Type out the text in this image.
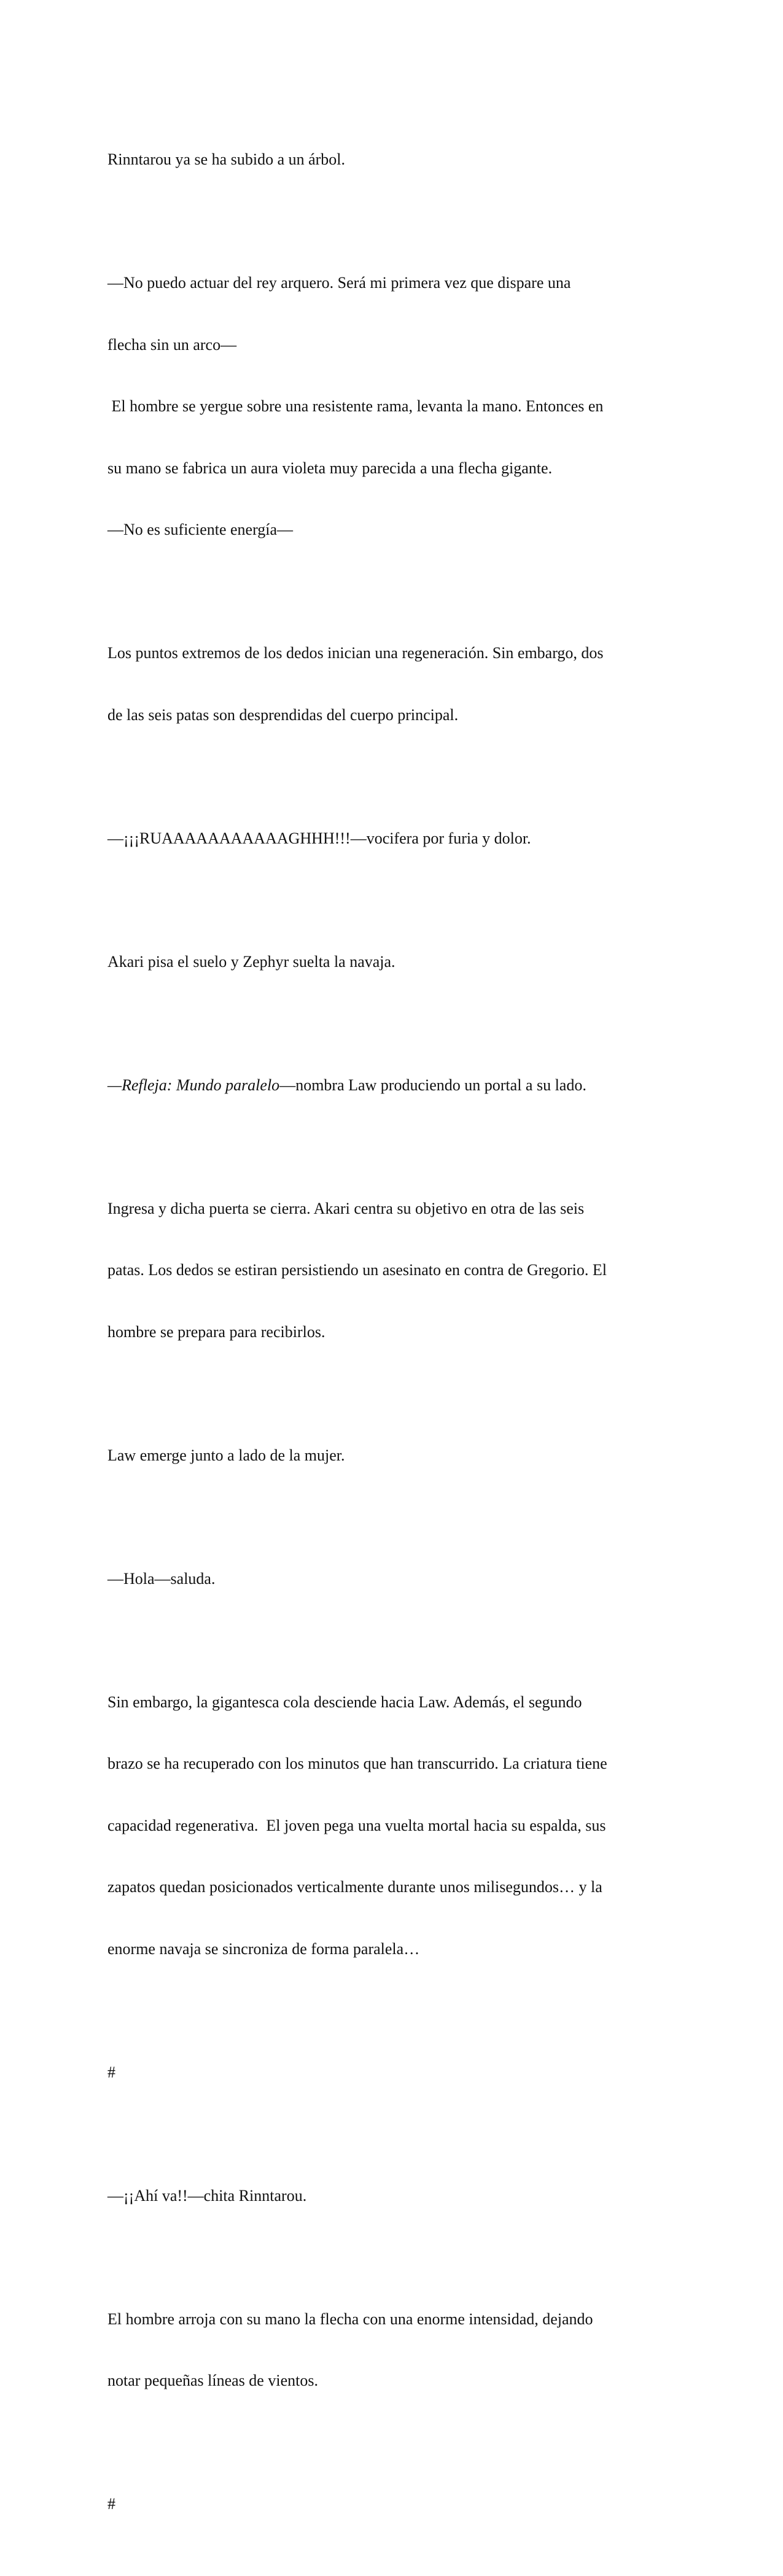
Rinntarou ya se ha subido a un árbol.

—No puedo actuar del rey arquero. Será mi primera vez que dispare una

flecha sin un arco—

El hombre se yergue sobre una resistente rama, levanta la mano. Entonces en

su mano se fabrica un aura violeta muy parecida a una flecha gigante.

—No es suficiente energía—

Los puntos extremos de los dedos inician una regeneración. Sin embargo, dos

de las seis patas son desprendidas del cuerpo principal.

—¡¡¡RUAAAAAAAAAAAGHHH!!!—vocifera por furia y dolor.

Akari pisa el suelo y Zephyr suelta la navaja.

—Refleja: Mundo paralelo—nombra Law produciendo un portal a su lado.

Ingresa y dicha puerta se cierra. Akari centra su objetivo en otra de las seis

patas. Los dedos se estiran persistiendo un asesinato en contra de Gregorio. El

hombre se prepara para recibirlos.

Law emerge junto a lado de la mujer.

—Hola—saluda.

Sin embargo, la gigantesca cola desciende hacia Law. Además, el segundo

brazo se ha recuperado con los minutos que han transcurrido. La criatura tiene

capacidad regenerativa.  El joven pega una vuelta mortal hacia su espalda, sus

zapatos quedan posicionados verticalmente durante unos milisegundos… y la

enorme navaja se sincroniza de forma paralela…

#

—¡¡Ahí va!!—chita Rinntarou.

El hombre arroja con su mano la flecha con una enorme intensidad, dejando

notar pequeñas líneas de vientos.

#
